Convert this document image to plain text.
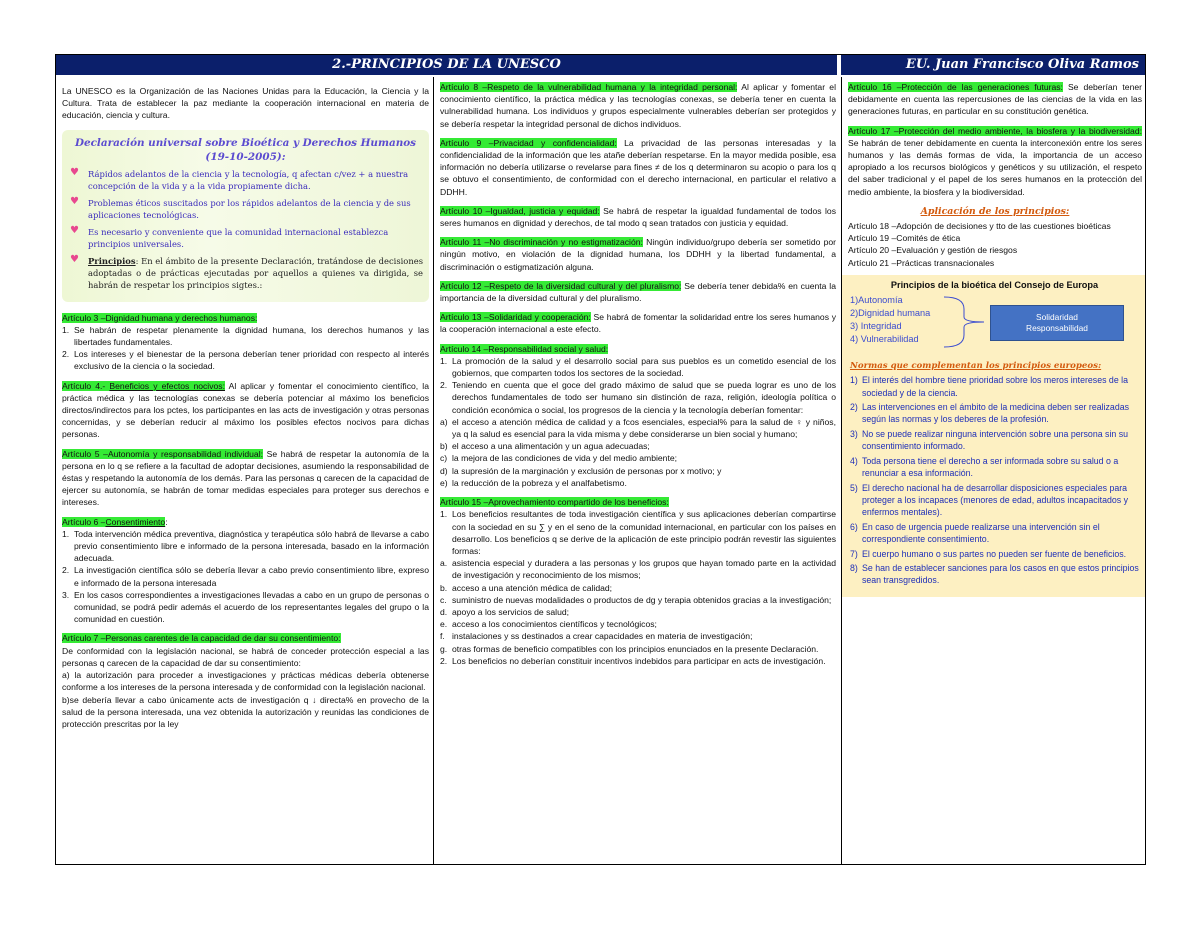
2.-PRINCIPIOS DE LA UNESCO	EU. Juan Francisco Oliva Ramos

La UNESCO es la Organización de las Naciones Unidas para la Educación, la Ciencia y la Cultura. Trata de establecer la paz mediante la cooperación internacional en materia de educación, ciencia y cultura.

Declaración universal sobre Bioética y Derechos Humanos (19-10-2005):
♥ Rápidos adelantos de la ciencia y la tecnología, q afectan c/vez + a nuestra concepción de la vida y a la vida propiamente dicha.
♥ Problemas éticos suscitados por los rápidos adelantos de la ciencia y de sus aplicaciones tecnológicas.
♥ Es necesario y conveniente que la comunidad internacional establezca principios universales.
♥ Principios: En el ámbito de la presente Declaración, tratándose de decisiones adoptadas o de prácticas ejecutadas por aquellos a quienes va dirigida, se habrán de respetar los principios sigtes.:
Artículo 3 –Dignidad humana y derechos humanos:
1. Se habrán de respetar plenamente la dignidad humana, los derechos humanos y las libertades fundamentales.
2. Los intereses y el bienestar de la persona deberían tener prioridad con respecto al interés exclusivo de la ciencia o la sociedad.

Artículo 4.- Beneficios y efectos nocivos: Al aplicar y fomentar el conocimiento científico, la práctica médica y las tecnologías conexas se debería potenciar al máximo los beneficios directos/indirectos para los pctes, los participantes en las acts de investigación y otras personas concernidas, y se deberían reducir al máximo los posibles efectos nocivos para dichas personas.

Artículo 5 –Autonomía y responsabilidad individual: Se habrá de respetar la autonomía de la persona en lo q se refiere a la facultad de adoptar decisiones, asumiendo la responsabilidad de éstas y respetando la autonomía de los demás. Para las personas q carecen de la capacidad de ejercer su autonomía, se habrán de tomar medidas especiales para proteger sus derechos e intereses.

Artículo 6 –Consentimiento:
1. Toda intervención médica preventiva, diagnóstica y terapéutica sólo habrá de llevarse a cabo previo consentimiento libre e informado de la persona interesada, basado en la información adecuada.
2. La investigación científica sólo se debería llevar a cabo previo consentimiento libre, expreso e informado de la persona interesada
3. En los casos correspondientes a investigaciones llevadas a cabo en un grupo de personas o comunidad, se podrá pedir además el acuerdo de los representantes legales del grupo o la comunidad en cuestión.
Artículo 7 –Personas carentes de la capacidad de dar su consentimiento:

De conformidad con la legislación nacional, se habrá de conceder protección especial a las personas q carecen de la capacidad de dar su consentimiento:

a) la autorización para proceder a investigaciones y prácticas médicas debería obtenerse conforme a los intereses de la persona interesada y de conformidad con la legislación nacional.

b)se debería llevar a cabo únicamente acts de investigación q ↓ directa% en provecho de la salud de la persona interesada, una vez obtenida la autorización y reunidas las condiciones de protección prescritas por la ley

Artículo 8 –Respeto de la vulnerabilidad humana y la integridad personal: Al aplicar y fomentar el conocimiento científico, la práctica médica y las tecnologías conexas, se debería tener en cuenta la vulnerabilidad humana. Los individuos y grupos especialmente vulnerables deberían ser protegidos y se debería respetar la integridad personal de dichos individuos.

Artículo 9 –Privacidad y confidencialidad: La privacidad de las personas interesadas y la confidencialidad de la información que les atañe deberían respetarse. En la mayor medida posible, esa información no debería utilizarse o revelarse para fines ≠ de los q determinaron su acopio o para los q se obtuvo el consentimiento, de conformidad con el derecho internacional, en particular el relativo a DDHH.

Artículo 10 –Igualdad, justicia y equidad: Se habrá de respetar la igualdad fundamental de todos los seres humanos en dignidad y derechos, de tal modo q sean tratados con justicia y equidad.

Artículo 11 –No discriminación y no estigmatización: Ningún individuo/grupo debería ser sometido por ningún motivo, en violación de la dignidad humana, los DDHH y la libertad fundamental, a discriminación o estigmatización alguna.

Artículo 12 –Respeto de la diversidad cultural y del pluralismo: Se debería tener debida% en cuenta la importancia de la diversidad cultural y del pluralismo.

Artículo 13 –Solidaridad y cooperación: Se habrá de fomentar la solidaridad entre los seres humanos y la cooperación internacional a este efecto.

Artículo 14 –Responsabilidad social y salud:
1. La promoción de la salud y el desarrollo social para sus pueblos es un cometido esencial de los gobiernos, que comparten todos los sectores de la sociedad.
2. Teniendo en cuenta que el goce del grado máximo de salud que se pueda lograr es uno de los derechos fundamentales de todo ser humano sin distinción de raza, religión, ideología política o condición económica o social, los progresos de la ciencia y la tecnología deberían fomentar:
a) el acceso a atención médica de calidad y a fcos esenciales, especial% para la salud de ♀ y niños, ya q la salud es esencial para la vida misma y debe considerarse un bien social y humano;
b) el acceso a una alimentación y un agua adecuadas;
c) la mejora de las condiciones de vida y del medio ambiente;
d) la supresión de la marginación y exclusión de personas por x motivo; y
e) la reducción de la pobreza y el analfabetismo.
Artículo 15 –Aprovechamiento compartido de los beneficios:
1. Los beneficios resultantes de toda investigación científica y sus aplicaciones deberían compartirse con la sociedad en su ∑ y en el seno de la comunidad internacional, en particular con los países en desarrollo. Los beneficios q se derive de la aplicación de este principio podrán revestir las siguientes formas:
a. asistencia especial y duradera a las personas y los grupos que hayan tomado parte en la actividad de investigación y reconocimiento de los mismos;
b. acceso a una atención médica de calidad;
c. suministro de nuevas modalidades o productos de dg y terapia obtenidos gracias a la investigación;
d. apoyo a los servicios de salud;
e. acceso a los conocimientos científicos y tecnológicos;
f. instalaciones y ss destinados a crear capacidades en materia de investigación;
g. otras formas de beneficio compatibles con los principios enunciados en la presente Declaración.
2. Los beneficios no deberían constituir incentivos indebidos para participar en acts de investigación.

Artículo 16 –Protección de las generaciones futuras: Se deberían tener debidamente en cuenta las repercusiones de las ciencias de la vida en las generaciones futuras, en particular en su constitución genética.

Artículo 17 –Protección del medio ambiente, la biosfera y la biodiversidad: Se habrán de tener debidamente en cuenta la interconexión entre los seres humanos y las demás formas de vida, la importancia de un acceso apropiado a los recursos biológicos y genéticos y su utilización, el respeto del saber tradicional y el papel de los seres humanos en la protección del medio ambiente, la biosfera y la biodiversidad.

Aplicación de los principios:
Artículo 18 –Adopción de decisiones y tto de las cuestiones bioéticas
Artículo 19 –Comités de ética
Artículo 20 –Evaluación y gestión de riesgos
Artículo 21 –Prácticas transnacionales
Principios de la bioética del Consejo de Europa
1)Autonomía
2)Dignidad humana
3) Integridad
4) Vulnerabilidad
Solidaridad
Responsabilidad
Normas que complementan los principios europeos:
1) El interés del hombre tiene prioridad sobre los meros intereses de la sociedad y de la ciencia.
2) Las intervenciones en el ámbito de la medicina deben ser realizadas según las normas y los deberes de la profesión.
3) No se puede realizar ninguna intervención sobre una persona sin su consentimiento informado.
4) Toda persona tiene el derecho a ser informada sobre su salud o a renunciar a esa información.
5) El derecho nacional ha de desarrollar disposiciones especiales para proteger a los incapaces (menores de edad, adultos incapacitados y enfermos mentales).
6) En caso de urgencia puede realizarse una intervención sin el correspondiente consentimiento.
7) El cuerpo humano o sus partes no pueden ser fuente de beneficios.
8) Se han de establecer sanciones para los casos en que estos principios sean transgredidos.
